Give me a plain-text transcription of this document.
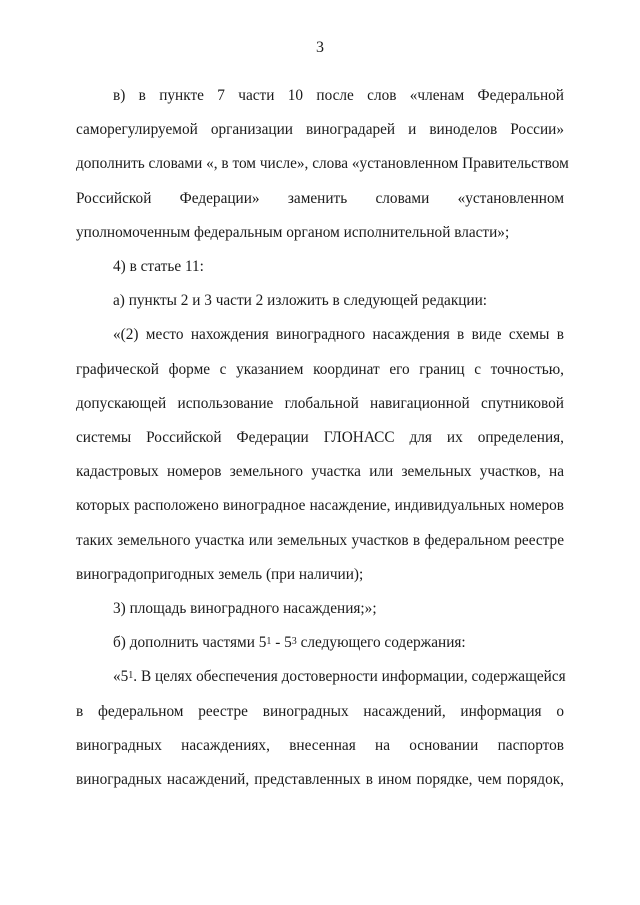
3
в) в пункте 7 части 10 после слов «членам Федеральной
саморегулируемой организации виноградарей и виноделов России»
дополнить словами «, в том числе», слова «установленном Правительством
Российской Федерации» заменить словами «установленном
уполномоченным федеральным органом исполнительной власти»;
4) в статье 11:
а) пункты 2 и 3 части 2 изложить в следующей редакции:
«(2) место нахождения виноградного насаждения в виде схемы в
графической форме с указанием координат его границ с точностью,
допускающей использование глобальной навигационной спутниковой
системы Российской Федерации ГЛОНАСС для их определения,
кадастровых номеров земельного участка или земельных участков, на
которых расположено виноградное насаждение, индивидуальных номеров
таких земельного участка или земельных участков в федеральном реестре
виноградопригодных земель (при наличии);
3) площадь виноградного насаждения;»;
б) дополнить частями $5^1 - 5^3$ следующего содержания:
«$5^1$. В целях обеспечения достоверности информации, содержащейся
в федеральном реестре виноградных насаждений, информация о
виноградных насаждениях, внесенная на основании паспортов
виноградных насаждений, представленных в ином порядке, чем порядок,
